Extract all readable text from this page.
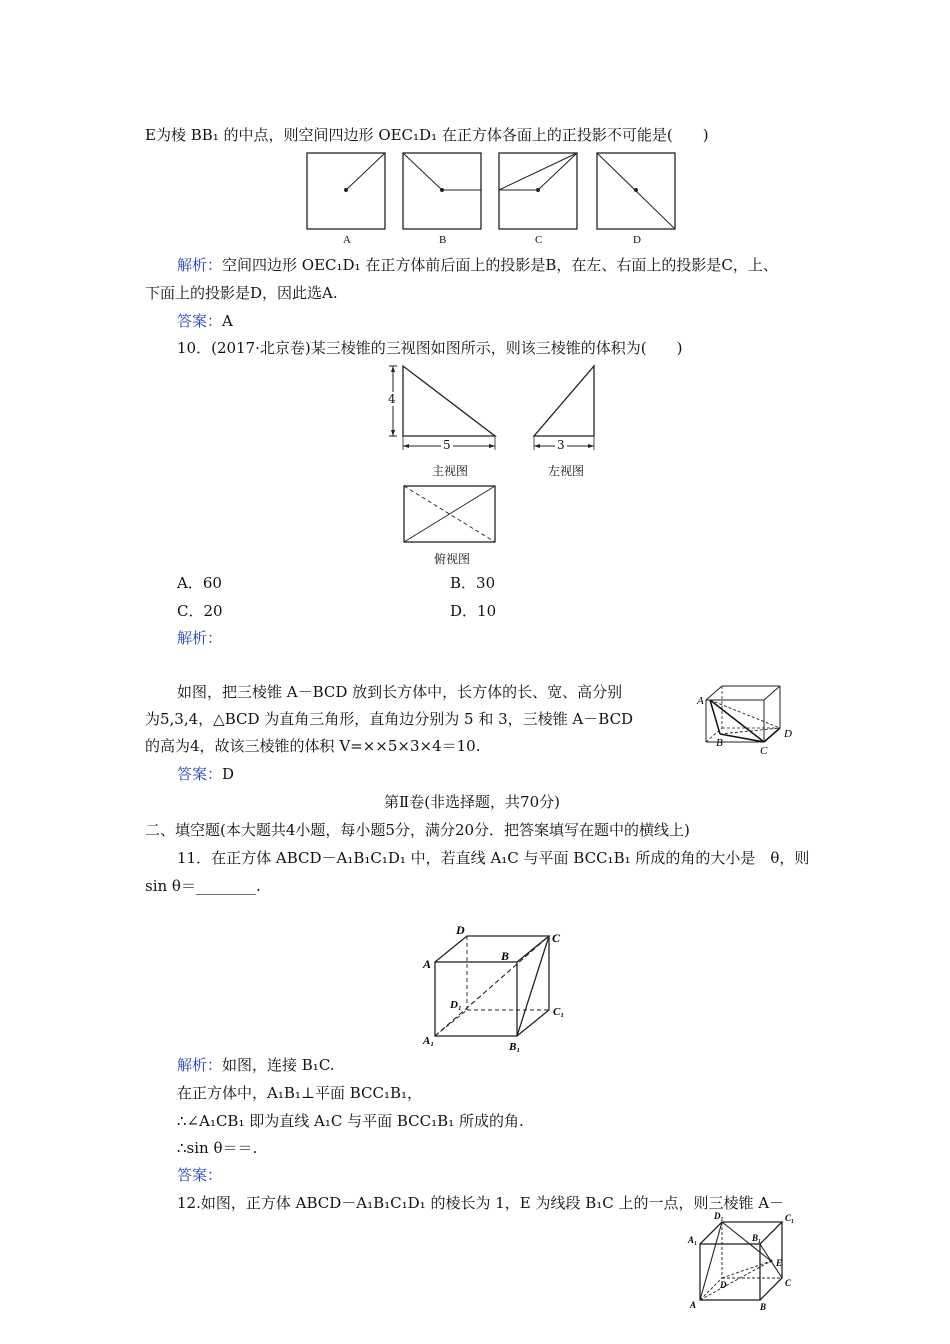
E为棱 BB₁ 的中点，则空间四边形 OEC₁D₁ 在正方体各面上的正投影不可能是(　　)
A	B	C	D
解析：空间四边形 OEC₁D₁ 在正方体前后面上的投影是B，在左、右面上的投影是C，上、
下面上的投影是D，因此选A.
答案：A
10．(2017·北京卷)某三棱锥的三视图如图所示，则该三棱锥的体积为(　　)
4
5
主视图
3
左视图
俯视图
A．60	B．30
C．20	D．10
解析：
如图，把三棱锥 A－BCD 放到长方体中，长方体的长、宽、高分别
为5,3,4，△BCD 为直角三角形，直角边分别为 5 和 3，三棱锥 A－BCD
的高为4，故该三棱锥的体积 V=××5×3×4＝10.
A
B
C
D
答案：D
第Ⅱ卷(非选择题，共70分)
二、填空题(本大题共4小题，每小题5分，满分20分．把答案填写在题中的横线上)
11．在正方体 ABCD－A₁B₁C₁D₁ 中，若直线 A₁C 与平面 BCC₁B₁ 所成的角的大小是　θ，则
sin θ＝________.
D
C
A
B
D₁
C₁
A₁	B₁
解析：如图，连接 B₁C.
在正方体中，A₁B₁⊥平面 BCC₁B₁，
∴∠A₁CB₁ 即为直线 A₁C 与平面 BCC₁B₁ 所成的角.
∴sin θ＝＝.
答案：
12.如图，正方体 ABCD－A₁B₁C₁D₁ 的棱长为 1，E 为线段 B₁C 上的一点，则三棱锥 A－
D₁	C₁
A₁	B₁
E
D	C
A	B
